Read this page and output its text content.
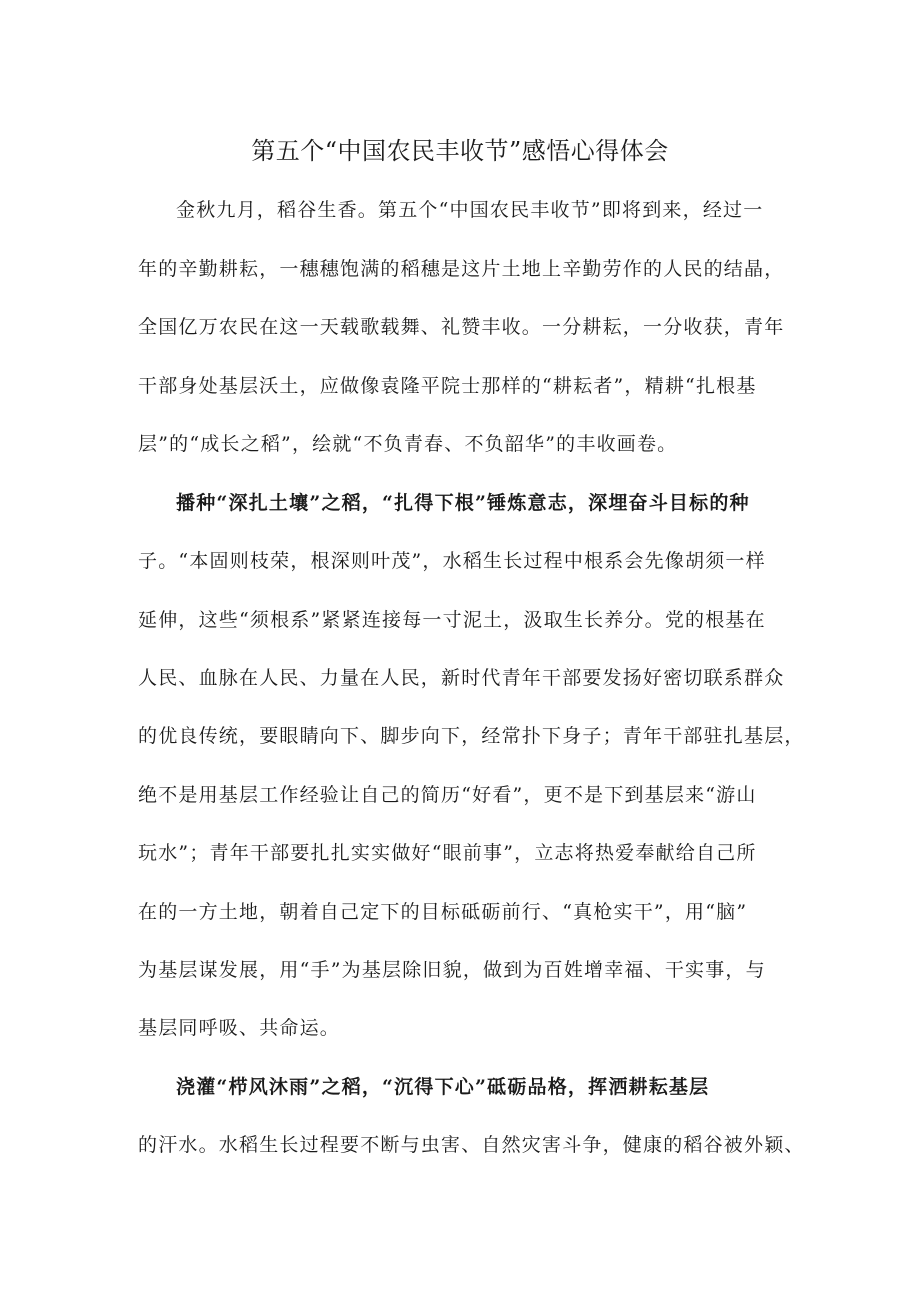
第五个“中国农民丰收节”感悟心得体会
金秋九月，稻谷生香。第五个“中国农民丰收节”即将到来，经过一
年的辛勤耕耘，一穗穗饱满的稻穗是这片土地上辛勤劳作的人民的结晶，
全国亿万农民在这一天载歌载舞、礼赞丰收。一分耕耘，一分收获，青年
干部身处基层沃土，应做像袁隆平院士那样的“耕耘者”，精耕“扎根基
层”的“成长之稻”，绘就“不负青春、不负韶华”的丰收画卷。
播种“深扎土壤”之稻，“扎得下根”锤炼意志，深埋奋斗目标的种
子。“本固则枝荣，根深则叶茂”，水稻生长过程中根系会先像胡须一样
延伸，这些“须根系”紧紧连接每一寸泥土，汲取生长养分。党的根基在
人民、血脉在人民、力量在人民，新时代青年干部要发扬好密切联系群众
的优良传统，要眼睛向下、脚步向下，经常扑下身子；青年干部驻扎基层，
绝不是用基层工作经验让自己的简历“好看”，更不是下到基层来“游山
玩水”；青年干部要扎扎实实做好“眼前事”，立志将热爱奉献给自己所
在的一方土地，朝着自己定下的目标砥砺前行、“真枪实干”，用“脑”
为基层谋发展，用“手”为基层除旧貌，做到为百姓增幸福、干实事，与
基层同呼吸、共命运。
浇灌“栉风沐雨”之稻，“沉得下心”砥砺品格，挥洒耕耘基层
的汗水。水稻生长过程要不断与虫害、自然灾害斗争，健康的稻谷被外颖、
